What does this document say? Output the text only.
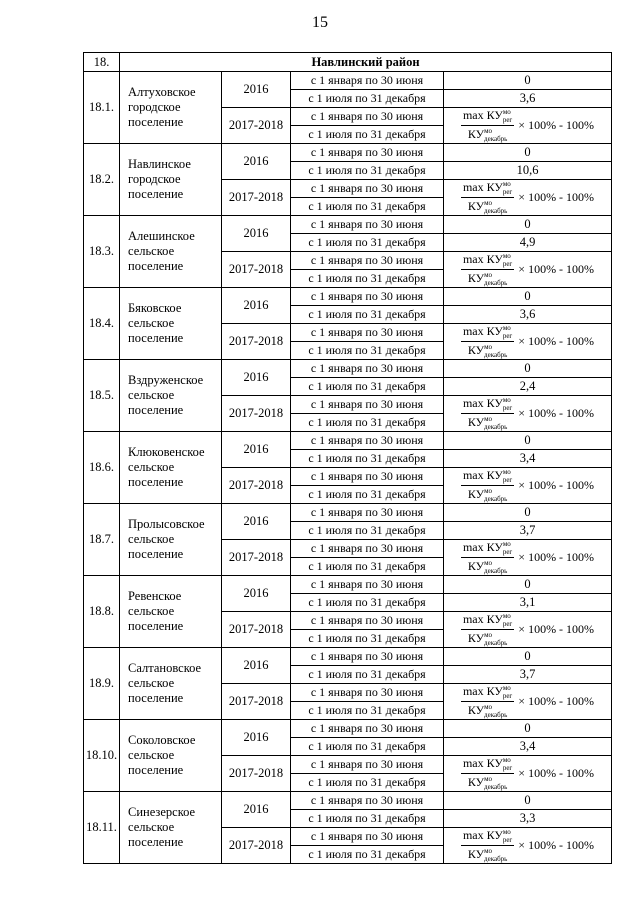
15
18.	Навлинский район			
18.1.	Алтуховское городское поселение	2016	с 1 января по 30 июня	0
			с 1 июля по 31 декабря	3,6
		2017-2018	с 1 января по 30 июня	$\frac{\max КУ^{мо}_{рег}}{КУ^{мо}_{декабрь}} \times 100\% - 100\%$

			с 1 июля по 31 декабря	
18.2.	Навлинское городское поселение	2016	с 1 января по 30 июня	0
			с 1 июля по 31 декабря	10,6
		2017-2018	с 1 января по 30 июня	$\frac{\max КУ^{мо}_{рег}}{КУ^{мо}_{декабрь}} \times 100\% - 100\%$

			с 1 июля по 31 декабря	
18.3.	Алешинское сельское поселение	2016	с 1 января по 30 июня	0
			с 1 июля по 31 декабря	4,9
		2017-2018	с 1 января по 30 июня	$\frac{\max КУ^{мо}_{рег}}{КУ^{мо}_{декабрь}} \times 100\% - 100\%$

			с 1 июля по 31 декабря	
18.4.	Бяковское сельское поселение	2016	с 1 января по 30 июня	0
			с 1 июля по 31 декабря	3,6
		2017-2018	с 1 января по 30 июня	$\frac{\max КУ^{мо}_{рег}}{КУ^{мо}_{декабрь}} \times 100\% - 100\%$

			с 1 июля по 31 декабря	
18.5.	Вздруженское сельское поселение	2016	с 1 января по 30 июня	0
			с 1 июля по 31 декабря	2,4
		2017-2018	с 1 января по 30 июня	$\frac{\max КУ^{мо}_{рег}}{КУ^{мо}_{декабрь}} \times 100\% - 100\%$

			с 1 июля по 31 декабря	
18.6.	Клюковенское сельское поселение	2016	с 1 января по 30 июня	0
			с 1 июля по 31 декабря	3,4
		2017-2018	с 1 января по 30 июня	$\frac{\max КУ^{мо}_{рег}}{КУ^{мо}_{декабрь}} \times 100\% - 100\%$

			с 1 июля по 31 декабря	
18.7.	Пролысовское сельское поселение	2016	с 1 января по 30 июня	0
			с 1 июля по 31 декабря	3,7
		2017-2018	с 1 января по 30 июня	$\frac{\max КУ^{мо}_{рег}}{КУ^{мо}_{декабрь}} \times 100\% - 100\%$

			с 1 июля по 31 декабря	
18.8.	Ревенское сельское поселение	2016	с 1 января по 30 июня	0
			с 1 июля по 31 декабря	3,1
		2017-2018	с 1 января по 30 июня	$\frac{\max КУ^{мо}_{рег}}{КУ^{мо}_{декабрь}} \times 100\% - 100\%$

			с 1 июля по 31 декабря	
18.9.	Салтановское сельское поселение	2016	с 1 января по 30 июня	0
			с 1 июля по 31 декабря	3,7
		2017-2018	с 1 января по 30 июня	$\frac{\max КУ^{мо}_{рег}}{КУ^{мо}_{декабрь}} \times 100\% - 100\%$

			с 1 июля по 31 декабря	
18.10.	Соколовское сельское поселение	2016	с 1 января по 30 июня	0
			с 1 июля по 31 декабря	3,4
		2017-2018	с 1 января по 30 июня	$\frac{\max КУ^{мо}_{рег}}{КУ^{мо}_{декабрь}} \times 100\% - 100\%$

			с 1 июля по 31 декабря	
18.11.	Синезерское сельское поселение	2016	с 1 января по 30 июня	0
			с 1 июля по 31 декабря	3,3
		2017-2018	с 1 января по 30 июня	$\frac{\max КУ^{мо}_{рег}}{КУ^{мо}_{декабрь}} \times 100\% - 100\%$

			с 1 июля по 31 декабря	
